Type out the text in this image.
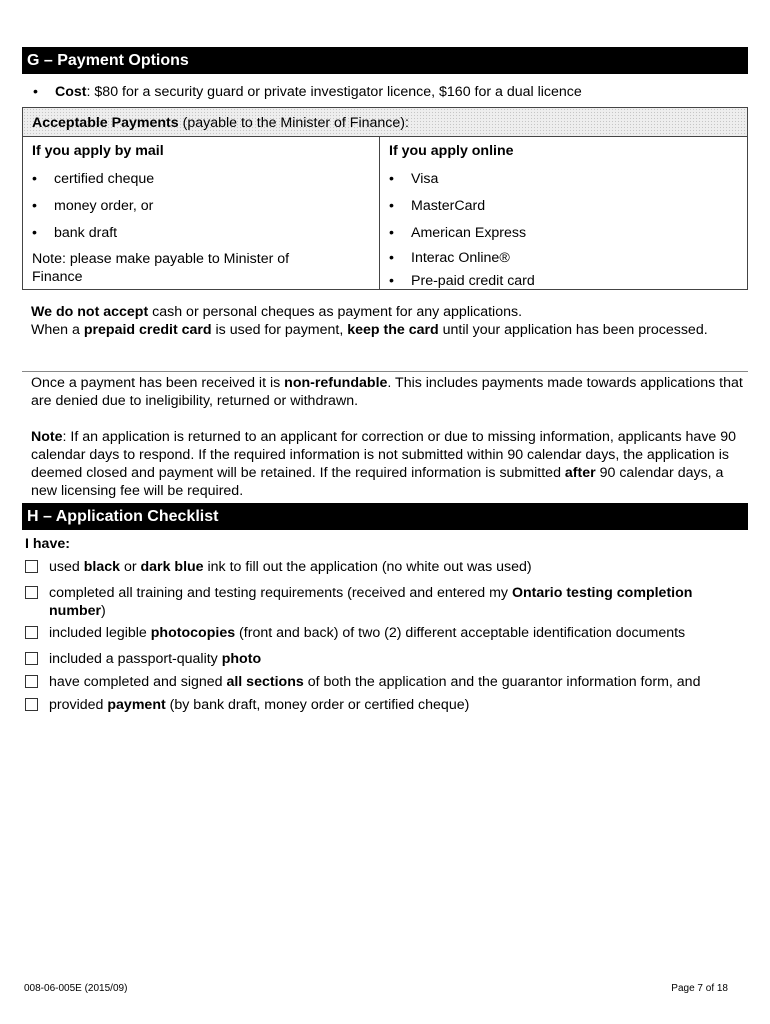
G – Payment Options
• Cost: $80 for a security guard or private investigator licence, $160 for a dual licence
Acceptable Payments (payable to the Minister of Finance):
If you apply by mail
• certified cheque
• money order, or
• bank draft
Note: please make payable to Minister of
Finance
If you apply online
• Visa
• MasterCard
• American Express
• Interac Online®
• Pre-paid credit card
We do not accept cash or personal cheques as payment for any applications.
When a prepaid credit card is used for payment, keep the card until your application has been processed.
Once a payment has been received it is non-refundable. This includes payments made towards applications that are denied due to ineligibility, returned or withdrawn.
Note: If an application is returned to an applicant for correction or due to missing information, applicants have 90 calendar days to respond. If the required information is not submitted within 90 calendar days, the application is deemed closed and payment will be retained. If the required information is submitted after 90 calendar days, a new licensing fee will be required.
H – Application Checklist
I have:
used black or dark blue ink to fill out the application (no white out was used)
completed all training and testing requirements (received and entered my Ontario testing completion number)
included legible photocopies (front and back) of two (2) different acceptable identification documents
included a passport-quality photo
have completed and signed all sections of both the application and the guarantor information form, and
provided payment (by bank draft, money order or certified cheque)
008-06-005E (2015/09)	Page 7 of 18
